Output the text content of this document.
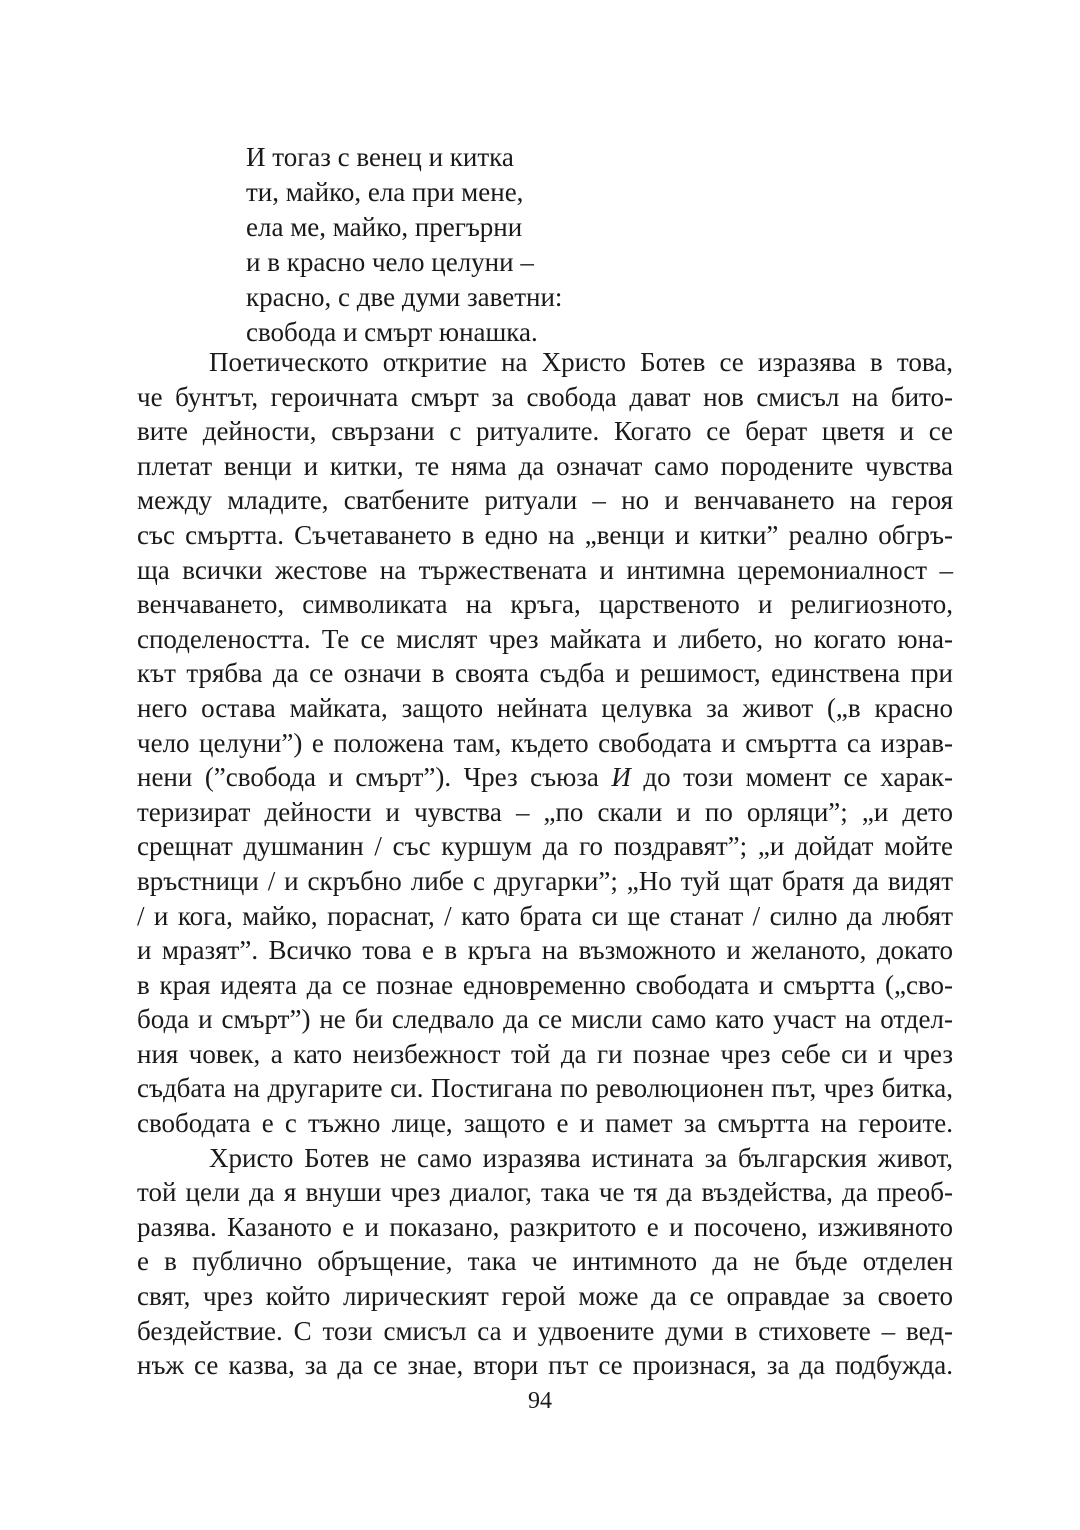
И тогаз с венец и китка
ти, майко, ела при мене,
ела ме, майко, прегърни
и в красно чело целуни –
красно, с две думи заветни:
свобода и смърт юнашка.
Поетическото откритие на Христо Ботев се изразява в това,
че бунтът, героичната смърт за свобода дават нов смисъл на бито-
вите дейности, свързани с ритуалите. Когато се берат цветя и се
плетат венци и китки, те няма да означат само породените чувства
между младите, сватбените ритуали – но и венчаването на героя
със смъртта. Съчетаването в едно на „венци и китки” реално обгръ-
ща всички жестове на тържествената и интимна церемониалност –
венчаването, символиката на кръга, царственото и религиозното,
споделеността. Те се мислят чрез майката и либето, но когато юна-
кът трябва да се означи в своята съдба и решимост, единствена при
него остава майката, защото нейната целувка за живот („в красно
чело целуни”) е положена там, където свободата и смъртта са израв-
нени (”свобода и смърт”). Чрез съюза И до този момент се харак-
теризират дейности и чувства – „по скали и по орляци”; „и дето
срещнат душманин / със куршум да го поздравят”; „и дойдат мойте
връстници / и скръбно либе с другарки”; „Но туй щат братя да видят
/ и кога, майко, пораснат, / като брата си ще станат / силно да любят
и мразят”. Всичко това е в кръга на възможното и желаното, докато
в края идеята да се познае едновременно свободата и смъртта („сво-
бода и смърт”) не би следвало да се мисли само като участ на отдел-
ния човек, а като неизбежност той да ги познае чрез себе си и чрез
съдбата на другарите си. Постигана по революционен път, чрез битка,
свободата е с тъжно лице, защото е и памет за смъртта на героите.
Христо Ботев не само изразява истината за българския живот,
той цели да я внуши чрез диалог, така че тя да въздейства, да преоб-
разява. Казаното е и показано, разкритото е и посочено, изживяното
е в публично обръщение, така че интимното да не бъде отделен
свят, чрез който лирическият герой може да се оправдае за своето
бездействие. С този смисъл са и удвоените думи в стиховете – вед-
нъж се казва, за да се знае, втори път се произнася, за да подбужда.
94
